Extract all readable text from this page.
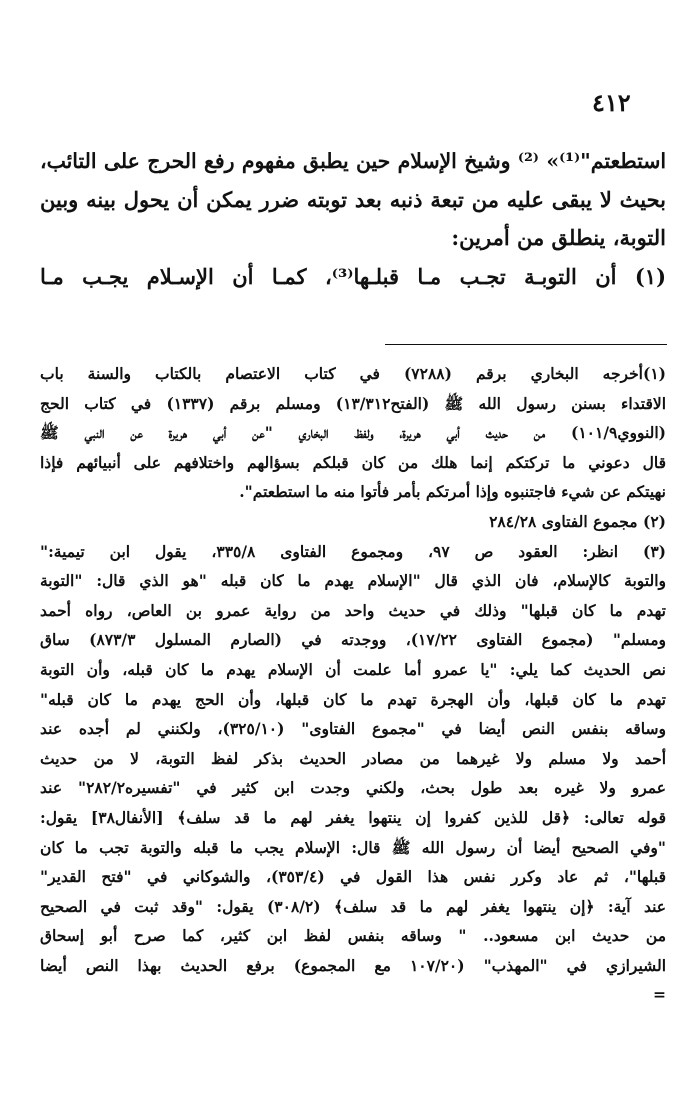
٤١٢
استطعتم"⁽¹⁾» ⁽²⁾ وشيخ الإسلام حين يطبق مفهوم رفع الحرج على التائب،
بحيث لا يبقى عليه من تبعة ذنبه بعد توبته ضرر يمكن أن يحول بينه وبين
التوبة، ينطلق من أمرين:
(١) أن التوبـة تجـب مـا قبلـها⁽³⁾، كمـا أن الإسـلام يجـب مـا
(١)أخرجه البخاري برقم (٧٢٨٨) في كتاب الاعتصام بالكتاب والسنة باب
الاقتداء بسنن رسول الله ﷺ (الفتح١٣/٣١٢) ومسلم برقم (١٣٣٧) في كتاب الحج
(النووي١٠١/٩) من حديث أبي هريرة، ولفظ البخاري "عن أبي هريرة عن النبي ﷺ
قال دعوني ما تركتكم إنما هلك من كان قبلكم بسؤالهم واختلافهم على أنبيائهم فإذا
نهيتكم عن شيء فاجتنبوه وإذا أمرتكم بأمر فأتوا منه ما استطعتم".
(٢) مجموع الفتاوى ٢٨٤/٢٨
(٣) انظر: العقود ص ٩٧، ومجموع الفتاوى ٣٣٥/٨، يقول ابن تيمية:"
والتوبة كالإسلام، فان الذي قال "الإسلام يهدم ما كان قبله "هو الذي قال: "التوبة
تهدم ما كان قبلها" وذلك في حديث واحد من رواية عمرو بن العاص، رواه أحمد
ومسلم" (مجموع الفتاوى ١٧/٢٢)، ووجدته في (الصارم المسلول ٨٧٣/٣) ساق
نص الحديث كما يلي: "يا عمرو أما علمت أن الإسلام يهدم ما كان قبله، وأن التوبة
تهدم ما كان قبلها، وأن الهجرة تهدم ما كان قبلها، وأن الحج يهدم ما كان قبله"
وساقه بنفس النص أيضا في "مجموع الفتاوى" (٣٢٥/١٠)، ولكنني لم أجده عند
أحمد ولا مسلم ولا غيرهما من مصادر الحديث بذكر لفظ التوبة، لا من حديث
عمرو ولا غيره بعد طول بحث، ولكني وجدت ابن كثير في "تفسيره٢٨٢/٢" عند
قوله تعالى: ﴿قل للذين كفروا إن ينتهوا يغفر لهم ما قد سلف﴾ [الأنفال٣٨] يقول:
"وفي الصحيح أيضا أن رسول الله ﷺ قال: الإسلام يجب ما قبله والتوبة تجب ما كان
قبلها"، ثم عاد وكرر نفس هذا القول في (٣٥٣/٤)، والشوكاني في "فتح القدير"
عند آية: ﴿إن ينتهوا يغفر لهم ما قد سلف﴾ (٣٠٨/٢) يقول: "وقد ثبت في الصحيح
من حديث ابن مسعود.. " وساقه بنفس لفظ ابن كثير، كما صرح أبو إسحاق
الشيرازي في "المهذب" (١٠٧/٢٠ مع المجموع) برفع الحديث بهذا النص أيضا
=
